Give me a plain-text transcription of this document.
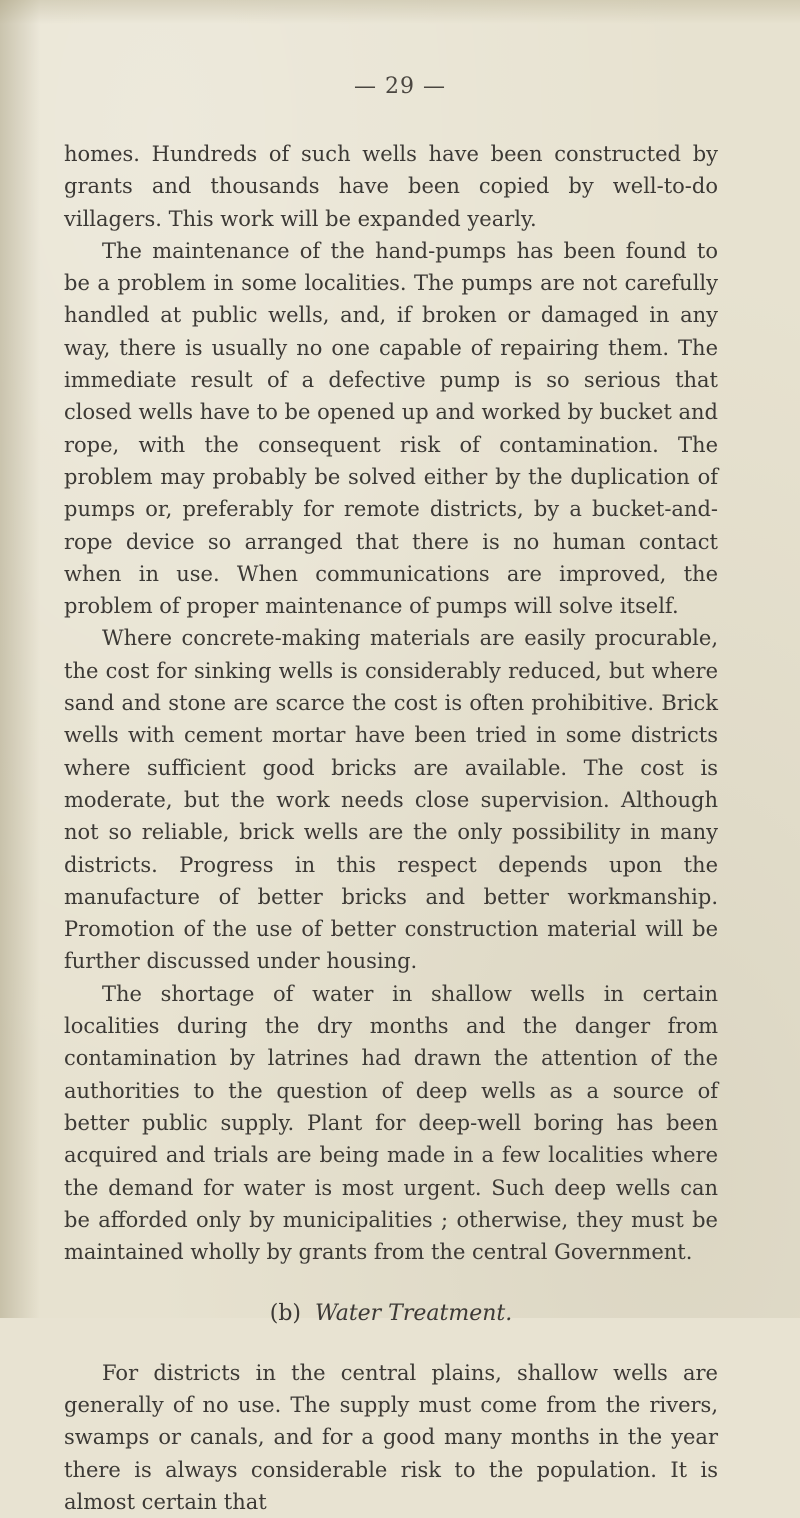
— 29 —

homes. Hundreds of such wells have been constructed by grants and thousands have been copied by well-to-do villagers. This work will be expanded yearly.

The maintenance of the hand-pumps has been found to be a problem in some localities. The pumps are not carefully handled at public wells, and, if broken or damaged in any way, there is usually no one capable of repairing them. The immediate result of a defective pump is so serious that closed wells have to be opened up and worked by bucket and rope, with the consequent risk of contamination. The problem may probably be solved either by the duplication of pumps or, preferably for remote districts, by a bucket-and-rope device so arranged that there is no human contact when in use. When communications are improved, the problem of proper maintenance of pumps will solve itself.

Where concrete-making materials are easily procurable, the cost for sinking wells is considerably reduced, but where sand and stone are scarce the cost is often prohibitive. Brick wells with cement mortar have been tried in some districts where sufficient good bricks are available. The cost is moderate, but the work needs close supervision. Although not so reliable, brick wells are the only possibility in many districts. Progress in this respect depends upon the manufacture of better bricks and better workmanship. Promotion of the use of better construction material will be further discussed under housing.

The shortage of water in shallow wells in certain localities during the dry months and the danger from contamination by latrines had drawn the attention of the authorities to the question of deep wells as a source of better public supply. Plant for deep-well boring has been acquired and trials are being made in a few localities where the demand for water is most urgent. Such deep wells can be afforded only by municipalities ; otherwise, they must be maintained wholly by grants from the central Government.

(b) Water Treatment.

For districts in the central plains, shallow wells are generally of no use. The supply must come from the rivers, swamps or canals, and for a good many months in the year there is always considerable risk to the population. It is almost certain that
